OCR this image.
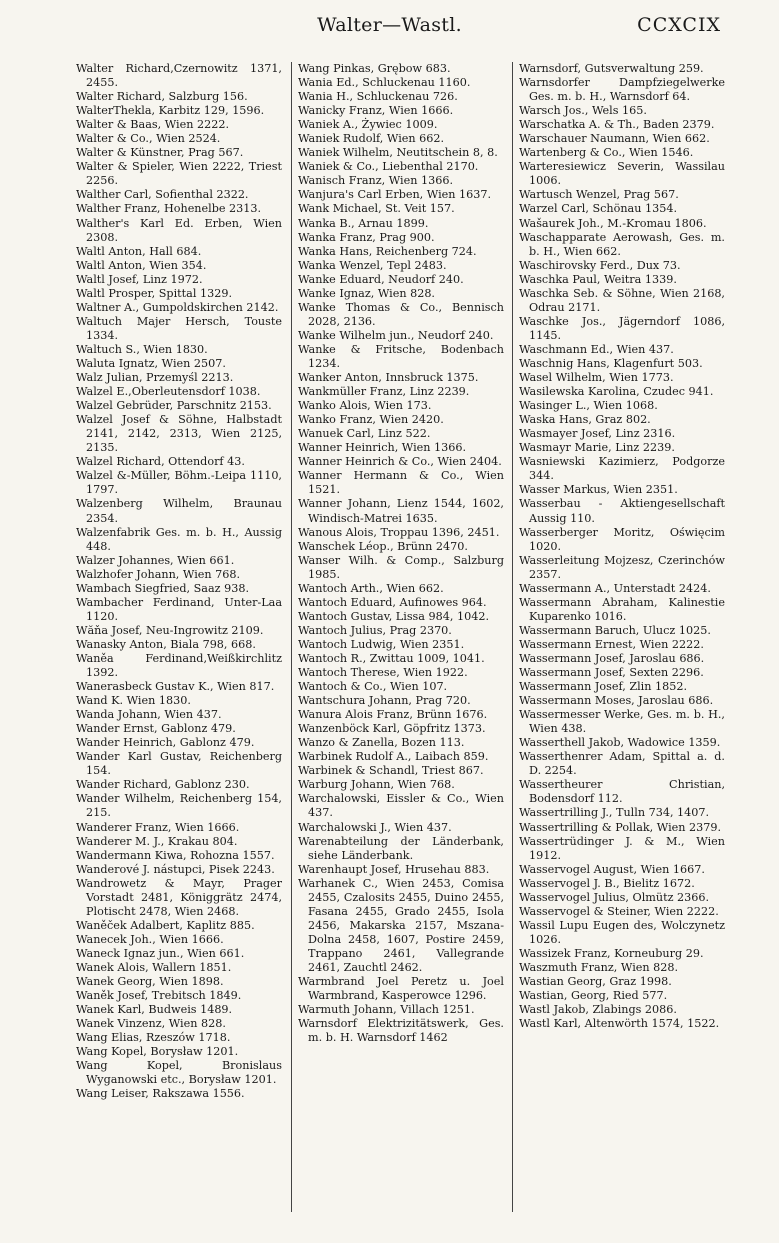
Walter—Wastl.	CCXCIX
Walter Richard,Czernowitz 1371, 2455.
Walter Richard, Salzburg 156.
WalterThekla, Karbitz 129, 1596.
Walter & Baas, Wien 2222.
Walter & Co., Wien 2524.
Walter & Künstner, Prag 567.
Walter & Spieler, Wien 2222, Triest 2256.
Walther Carl, Sofienthal 2322.
Walther Franz, Hohenelbe 2313.
Walther's Karl Ed. Erben, Wien 2308.
Waltl Anton, Hall 684.
Waltl Anton, Wien 354.
Waltl Josef, Linz 1972.
Waltl Prosper, Spittal 1329.
Waltner A., Gumpoldskirchen 2142.
Waltuch Majer Hersch, Touste 1334.
Waltuch S., Wien 1830.
Waluta Ignatz, Wien 2507.
Walz Julian, Przemyśl 2213.
Walzel E.,Oberleutensdorf 1038.
Walzel Gebrüder, Parschnitz 2153.
Walzel Josef & Söhne, Halbstadt 2141, 2142, 2313, Wien 2125, 2135.
Walzel Richard, Ottendorf 43.
Walzel &-Müller, Böhm.-Leipa 1110, 1797.
Walzenberg Wilhelm, Braunau 2354.
Walzenfabrik Ges. m. b. H., Aussig 448.
Walzer Johannes, Wien 661.
Walzhofer Johann, Wien 768.
Wambach Siegfried, Saaz 938.
Wambacher Ferdinand, Unter-Laa 1120.
Wăňa Josef, Neu-Ingrowitz 2109.
Wanasky Anton, Biala 798, 668.
Waněa Ferdinand,Weißkirchlitz 1392.
Wanerasbeck Gustav K., Wien 817.
Wand K. Wien 1830.
Wanda Johann, Wien 437.
Wander Ernst, Gablonz 479.
Wander Heinrich, Gablonz 479.
Wander Karl Gustav, Reichenberg 154.
Wander Richard, Gablonz 230.
Wander Wilhelm, Reichenberg 154, 215.
Wanderer Franz, Wien 1666.
Wanderer M. J., Krakau 804.
Wandermann Kiwa, Rohozna 1557.
Wanderové J. nástupci, Pisek 2243.
Wandrowetz & Mayr, Prager Vorstadt 2481, Königgrätz 2474, Plotischt 2478, Wien 2468.
Waněček Adalbert, Kaplitz 885.
Wanecek Joh., Wien 1666.
Waneck Ignaz jun., Wien 661.
Wanek Alois, Wallern 1851.
Wanek Georg, Wien 1898.
Waněk Josef, Trebitsch 1849.
Wanek Karl, Budweis 1489.
Wanek Vinzenz, Wien 828.
Wang Elias, Rzeszów 1718.
Wang Kopel, Borysław 1201.
Wang Kopel, Bronislaus Wyganowski etc., Borysław 1201.
Wang Leiser, Rakszawa 1556.
Wang Pinkas, Grębow 683.
Wania Ed., Schluckenau 1160.
Wania H., Schluckenau 726.
Wanicky Franz, Wien 1666.
Waniek A., Żywiec 1009.
Waniek Rudolf, Wien 662.
Waniek Wilhelm, Neutitschein 8, 8.
Waniek & Co., Liebenthal 2170.
Wanisch Franz, Wien 1366.
Wanjura's Carl Erben, Wien 1637.
Wank Michael, St. Veit 157.
Wanka B., Arnau 1899.
Wanka Franz, Prag 900.
Wanka Hans, Reichenberg 724.
Wanka Wenzel, Tepl 2483.
Wanke Eduard, Neudorf 240.
Wanke Ignaz, Wien 828.
Wanke Thomas & Co., Bennisch 2028, 2136.
Wanke Wilhelm jun., Neudorf 240.
Wanke & Fritsche, Bodenbach 1234.
Wanker Anton, Innsbruck 1375.
Wankmüller Franz, Linz 2239.
Wanko Alois, Wien 173.
Wanko Franz, Wien 2420.
Wanuek Carl, Linz 522.
Wanner Heinrich, Wien 1366.
Wanner Heinrich & Co., Wien 2404.
Wanner Hermann & Co., Wien 1521.
Wanner Johann, Lienz 1544, 1602, Windisch-Matrei 1635.
Wanous Alois, Troppau 1396, 2451.
Wanschek Léop., Brünn 2470.
Wanser Wilh. & Comp., Salzburg 1985.
Wantoch Arth., Wien 662.
Wantoch Eduard, Aufinowes 964.
Wantoch Gustav, Lissa 984, 1042.
Wantoch Julius, Prag 2370.
Wantoch Ludwig, Wien 2351.
Wantoch R., Zwittau 1009, 1041.
Wantoch Therese, Wien 1922.
Wantoch & Co., Wien 107.
Wantschura Johann, Prag 720.
Wanura Alois Franz, Brünn 1676.
Wanzenböck Karl, Göpfritz 1373.
Wanzo & Zanella, Bozen 113.
Warbinek Rudolf A., Laibach 859.
Warbinek & Schandl, Triest 867.
Warburg Johann, Wien 768.
Warchalowski, Eissler & Co., Wien 437.
Warchalowski J., Wien 437.
Warenabteilung der Länderbank, siehe Länderbank.
Warenhaupt Josef, Hrusehau 883.
Warhanek C., Wien 2453, Comisa 2455, Czalosits 2455, Duino 2455, Fasana 2455, Grado 2455, Isola 2456, Makarska 2157, Mszana-Dolna 2458, 1607, Postire 2459, Trappano 2461, Vallegrande 2461, Zauchtl 2462.
Warmbrand Joel Peretz u. Joel Warmbrand, Kasperowce 1296.
Warmuth Johann, Villach 1251.
Warnsdorf Elektrizitätswerk, Ges. m. b. H. Warnsdorf 1462
Warnsdorf, Gutsverwaltung 259.
Warnsdorfer Dampfziegelwerke Ges. m. b. H., Warnsdorf 64.
Warsch Jos., Wels 165.
Warschatka A. & Th., Baden 2379.
Warschauer Naumann, Wien 662.
Wartenberg & Co., Wien 1546.
Warteresiewicz Severin, Wassilau 1006.
Wartusch Wenzel, Prag 567.
Warzel Carl, Schönau 1354.
Wašaurek Joh., M.-Kromau 1806.
Waschapparate Aerowash, Ges. m. b. H., Wien 662.
Waschirovsky Ferd., Dux 73.
Waschka Paul, Weitra 1339.
Waschka Seb. & Söhne, Wien 2168, Odrau 2171.
Waschke Jos., Jägerndorf 1086, 1145.
Waschmann Ed., Wien 437.
Waschnig Hans, Klagenfurt 503.
Wasel Wilhelm, Wien 1773.
Wasilewska Karolina, Czudec 941.
Wasinger L., Wien 1068.
Waska Hans, Graz 802.
Wasmayer Josef, Linz 2316.
Wasmayr Marie, Linz 2239.
Wasniewski Kazimierz, Podgorze 344.
Wasser Markus, Wien 2351.
Wasserbau - Aktiengesellschaft Aussig 110.
Wasserberger Moritz, Oświęcim 1020.
Wasserleitung Mojzesz, Czerinchów 2357.
Wassermann A., Unterstadt 2424.
Wassermann Abraham, Kalinestie Kuparenko 1016.
Wassermann Baruch, Ulucz 1025.
Wassermann Ernest, Wien 2222.
Wassermann Josef, Jaroslau 686.
Wassermann Josef, Sexten 2296.
Wassermann Josef, Zlin 1852.
Wassermann Moses, Jaroslau 686.
Wassermesser Werke, Ges. m. b. H., Wien 438.
Wasserthell Jakob, Wadowice 1359.
Wasserthenrer Adam, Spittal a. d. D. 2254.
Wassertheurer Christian, Bodensdorf 112.
Wassertrilling J., Tulln 734, 1407.
Wassertrilling & Pollak, Wien 2379.
Wassertrüdinger J. & M., Wien 1912.
Wasservogel August, Wien 1667.
Wasservogel J. B., Bielitz 1672.
Wasservogel Julius, Olmütz 2366.
Wasservogel & Steiner, Wien 2222.
Wassil Lupu Eugen des, Wolczynetz 1026.
Wassizek Franz, Korneuburg 29.
Waszmuth Franz, Wien 828.
Wastian Georg, Graz 1998.
Wastian, Georg, Ried 577.
Wastl Jakob, Zlabings 2086.
Wastl Karl, Altenwörth 1574, 1522.
